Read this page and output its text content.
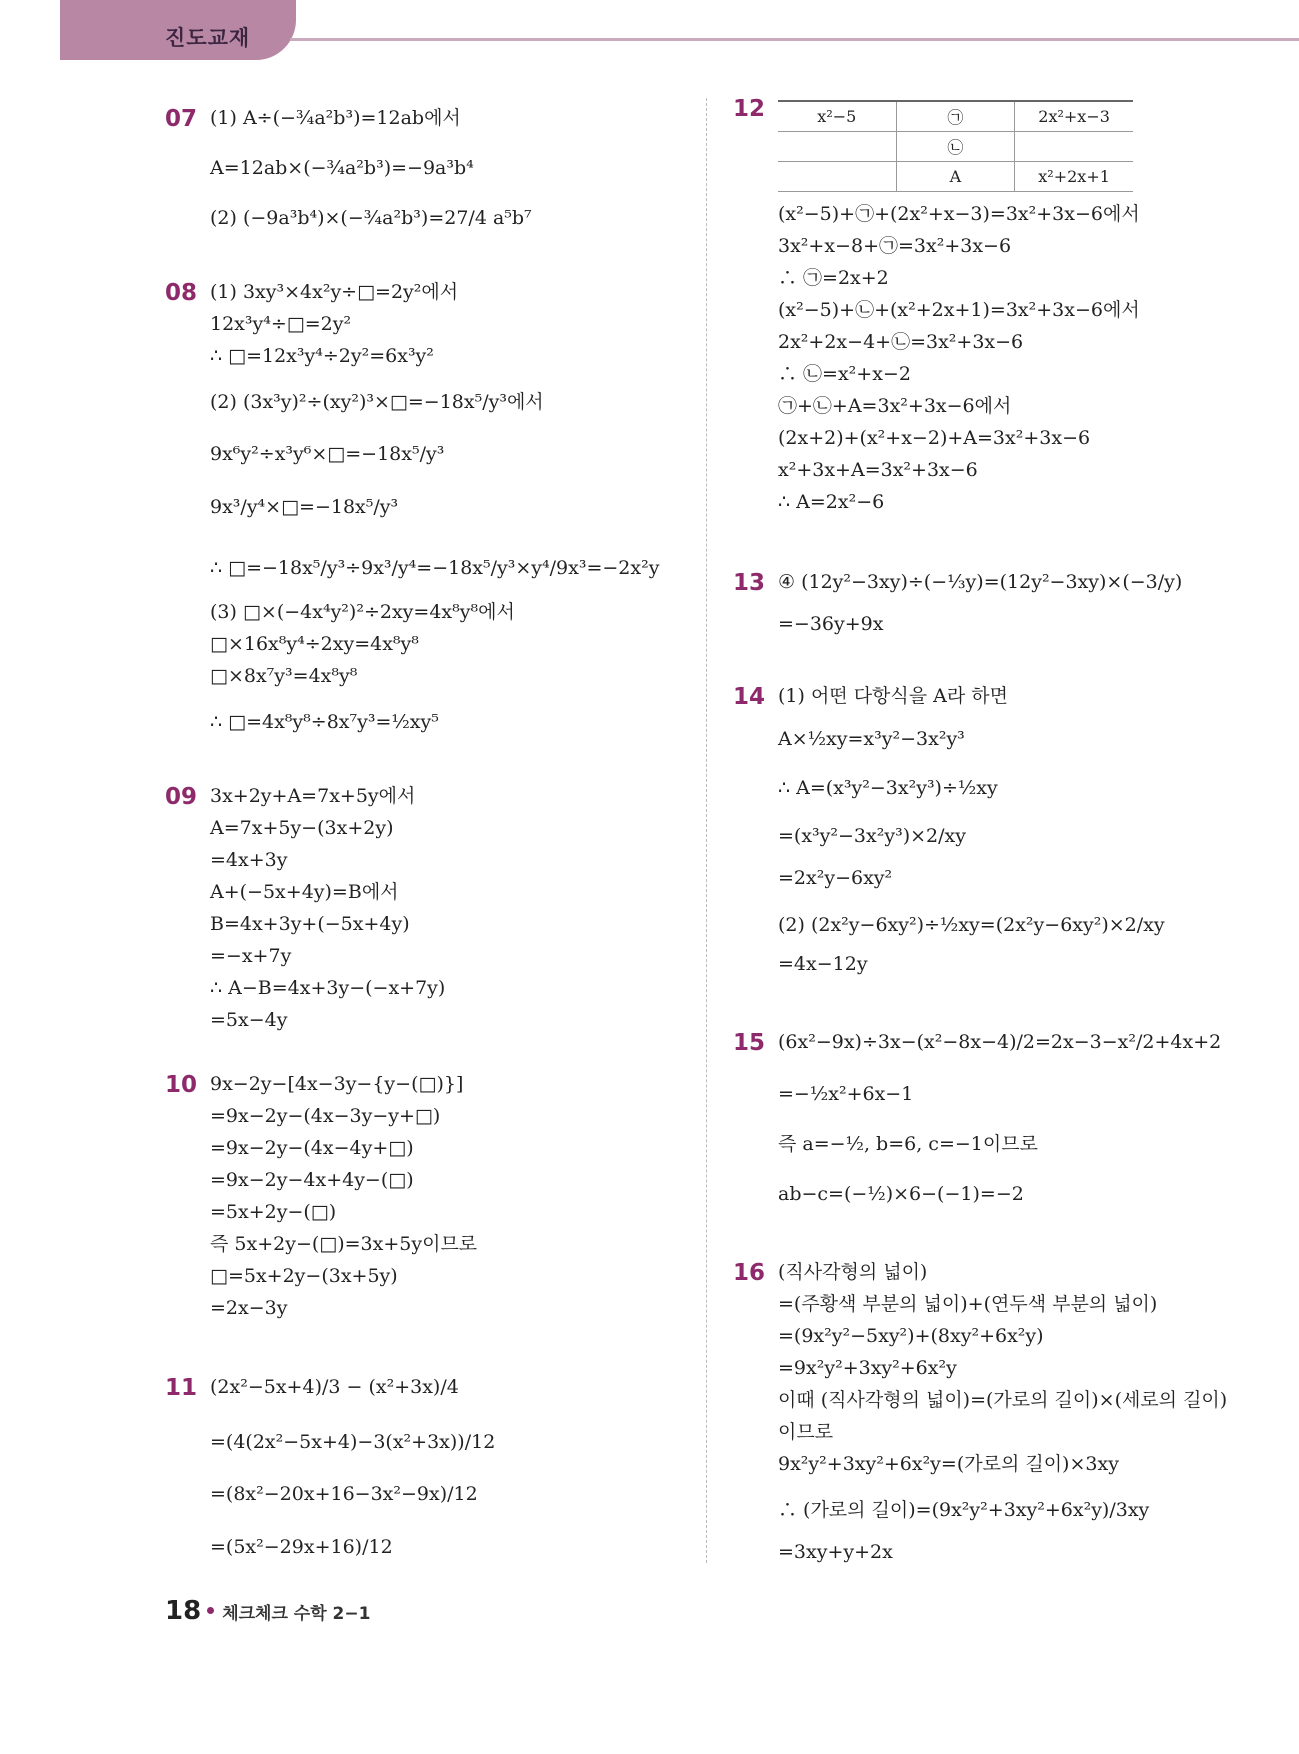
진도교재
07 (1) A÷(−¾a²b³)=12ab에서
A=12ab×(−¾a²b³)=−9a³b⁴
(2) (−9a³b⁴)×(−¾a²b³)=27/4 a⁵b⁷
08 (1) 3xy³×4x²y÷□=2y²에서
12x³y⁴÷□=2y²
∴ □=12x³y⁴÷2y²=6x³y²
(2) (3x³y)²÷(xy²)³×□=−18x⁵/y³에서
9x⁶y²÷x³y⁶×□=−18x⁵/y³
9x³/y⁴×□=−18x⁵/y³
∴ □=−18x⁵/y³÷9x³/y⁴=−18x⁵/y³×y⁴/9x³=−2x²y
(3) □×(−4x⁴y²)²÷2xy=4x⁸y⁸에서
□×16x⁸y⁴÷2xy=4x⁸y⁸
□×8x⁷y³=4x⁸y⁸
∴ □=4x⁸y⁸÷8x⁷y³=½xy⁵
09 3x+2y+A=7x+5y에서
A=7x+5y−(3x+2y)
=4x+3y
A+(−5x+4y)=B에서
B=4x+3y+(−5x+4y)
=−x+7y
∴ A−B=4x+3y−(−x+7y)
=5x−4y
10 9x−2y−[4x−3y−{y−(□)}]
=9x−2y−(4x−3y−y+□)
=9x−2y−(4x−4y+□)
=9x−2y−4x+4y−(□)
=5x+2y−(□)
즉 5x+2y−(□)=3x+5y이므로
□=5x+2y−(3x+5y)
=2x−3y
11 (2x²−5x+4)/3 − (x²+3x)/4
=(4(2x²−5x+4)−3(x²+3x))/12
=(8x²−20x+16−3x²−9x)/12
=(5x²−29x+16)/12
12	x²−5	㉠	2x²+x−3
	㉡	
	A	x²+2x+1
(x²−5)+㉠+(2x²+x−3)=3x²+3x−6에서
3x²+x−8+㉠=3x²+3x−6
∴ ㉠=2x+2
(x²−5)+㉡+(x²+2x+1)=3x²+3x−6에서
2x²+2x−4+㉡=3x²+3x−6
∴ ㉡=x²+x−2
㉠+㉡+A=3x²+3x−6에서
(2x+2)+(x²+x−2)+A=3x²+3x−6
x²+3x+A=3x²+3x−6
∴ A=2x²−6
13 ④ (12y²−3xy)÷(−⅓y)=(12y²−3xy)×(−3/y)
=−36y+9x
14 (1) 어떤 다항식을 A라 하면
A×½xy=x³y²−3x²y³
∴ A=(x³y²−3x²y³)÷½xy
=(x³y²−3x²y³)×2/xy
=2x²y−6xy²
(2) (2x²y−6xy²)÷½xy=(2x²y−6xy²)×2/xy
=4x−12y
15 (6x²−9x)÷3x−(x²−8x−4)/2=2x−3−x²/2+4x+2
=−½x²+6x−1
즉 a=−½, b=6, c=−1이므로
ab−c=(−½)×6−(−1)=−2
16 (직사각형의 넓이)
=(주황색 부분의 넓이)+(연두색 부분의 넓이)
=(9x²y²−5xy²)+(8xy²+6x²y)
=9x²y²+3xy²+6x²y
이때 (직사각형의 넓이)=(가로의 길이)×(세로의 길이)
이므로
9x²y²+3xy²+6x²y=(가로의 길이)×3xy
∴ (가로의 길이)=(9x²y²+3xy²+6x²y)/3xy
=3xy+y+2x
18 체크체크 수학 2−1
